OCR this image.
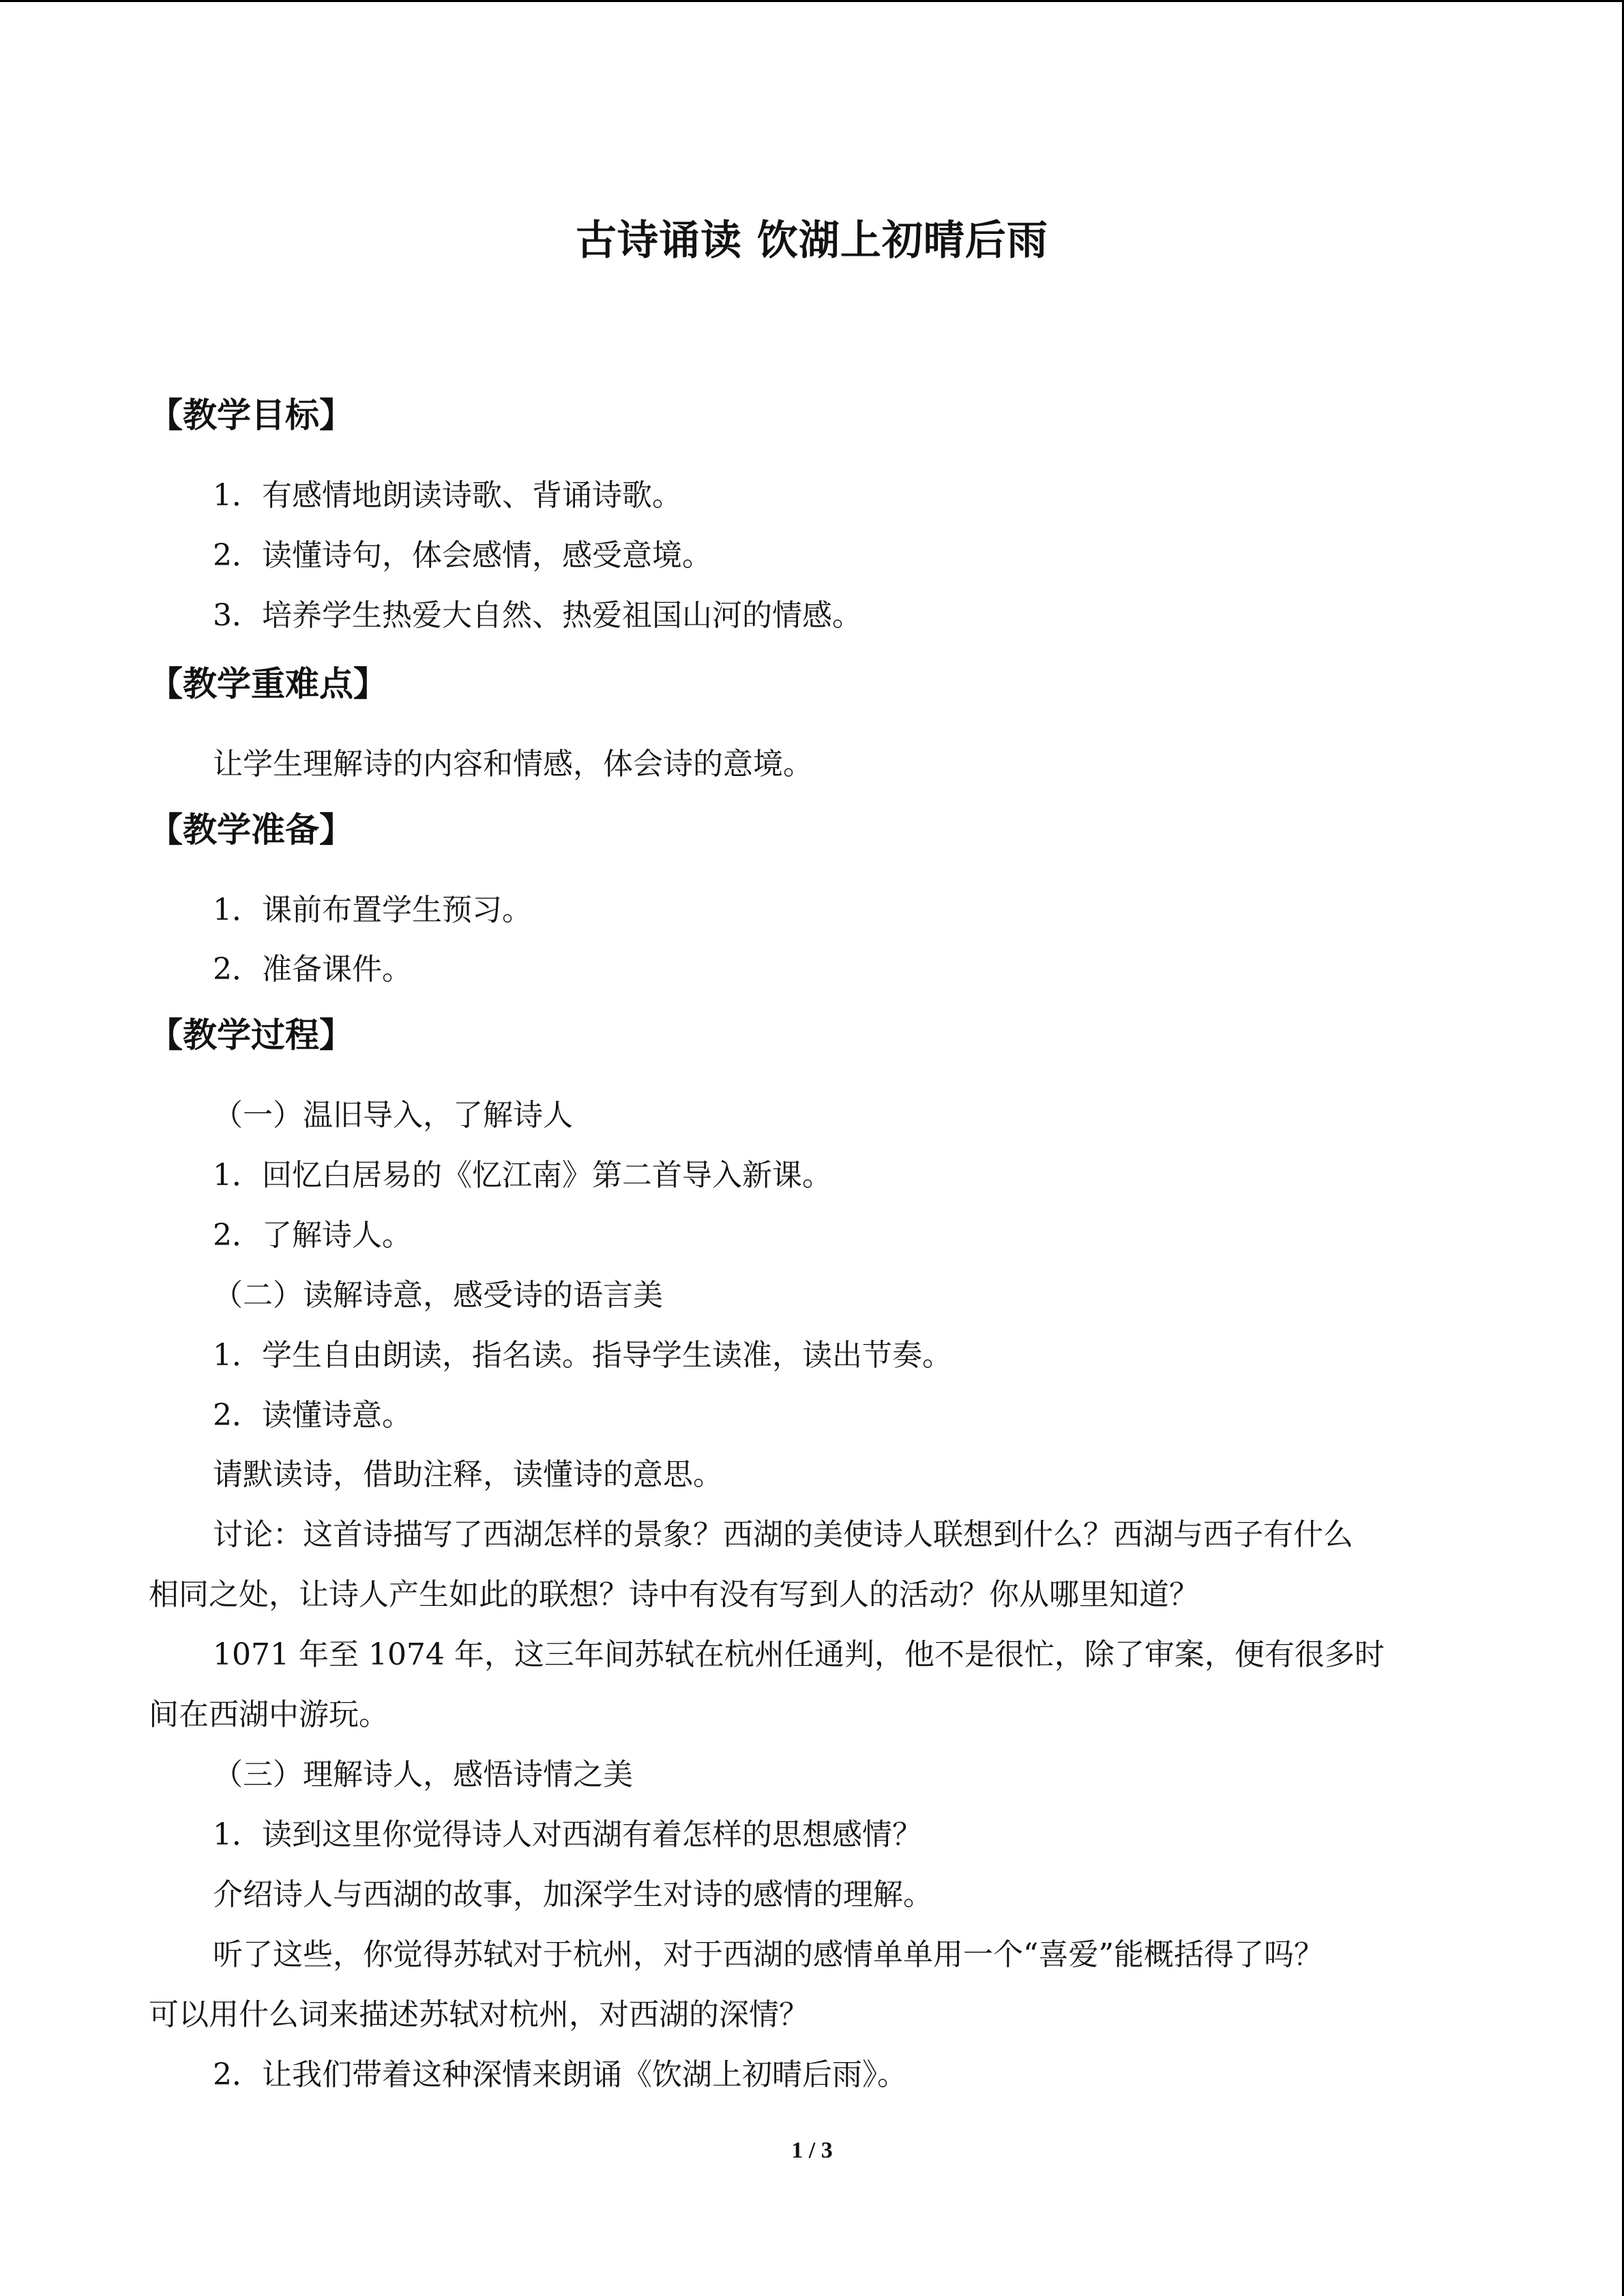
古诗诵读 饮湖上初晴后雨
【教学目标】
1．有感情地朗读诗歌、背诵诗歌。
2．读懂诗句，体会感情，感受意境。
3．培养学生热爱大自然、热爱祖国山河的情感。
【教学重难点】
让学生理解诗的内容和情感，体会诗的意境。
【教学准备】
1．课前布置学生预习。
2．准备课件。
【教学过程】
（一）温旧导入，了解诗人
1．回忆白居易的《忆江南》第二首导入新课。
2．了解诗人。
（二）读解诗意，感受诗的语言美
1．学生自由朗读，指名读。指导学生读准，读出节奏。
2．读懂诗意。
请默读诗，借助注释，读懂诗的意思。
讨论：这首诗描写了西湖怎样的景象？西湖的美使诗人联想到什么？西湖与西子有什么
相同之处，让诗人产生如此的联想？诗中有没有写到人的活动？你从哪里知道？
1071 年至 1074 年，这三年间苏轼在杭州任通判，他不是很忙，除了审案，便有很多时
间在西湖中游玩。
（三）理解诗人，感悟诗情之美
1．读到这里你觉得诗人对西湖有着怎样的思想感情？
介绍诗人与西湖的故事，加深学生对诗的感情的理解。
听了这些，你觉得苏轼对于杭州，对于西湖的感情单单用一个“喜爱”能概括得了吗？
可以用什么词来描述苏轼对杭州，对西湖的深情？
2．让我们带着这种深情来朗诵《饮湖上初晴后雨》。
1 / 3
